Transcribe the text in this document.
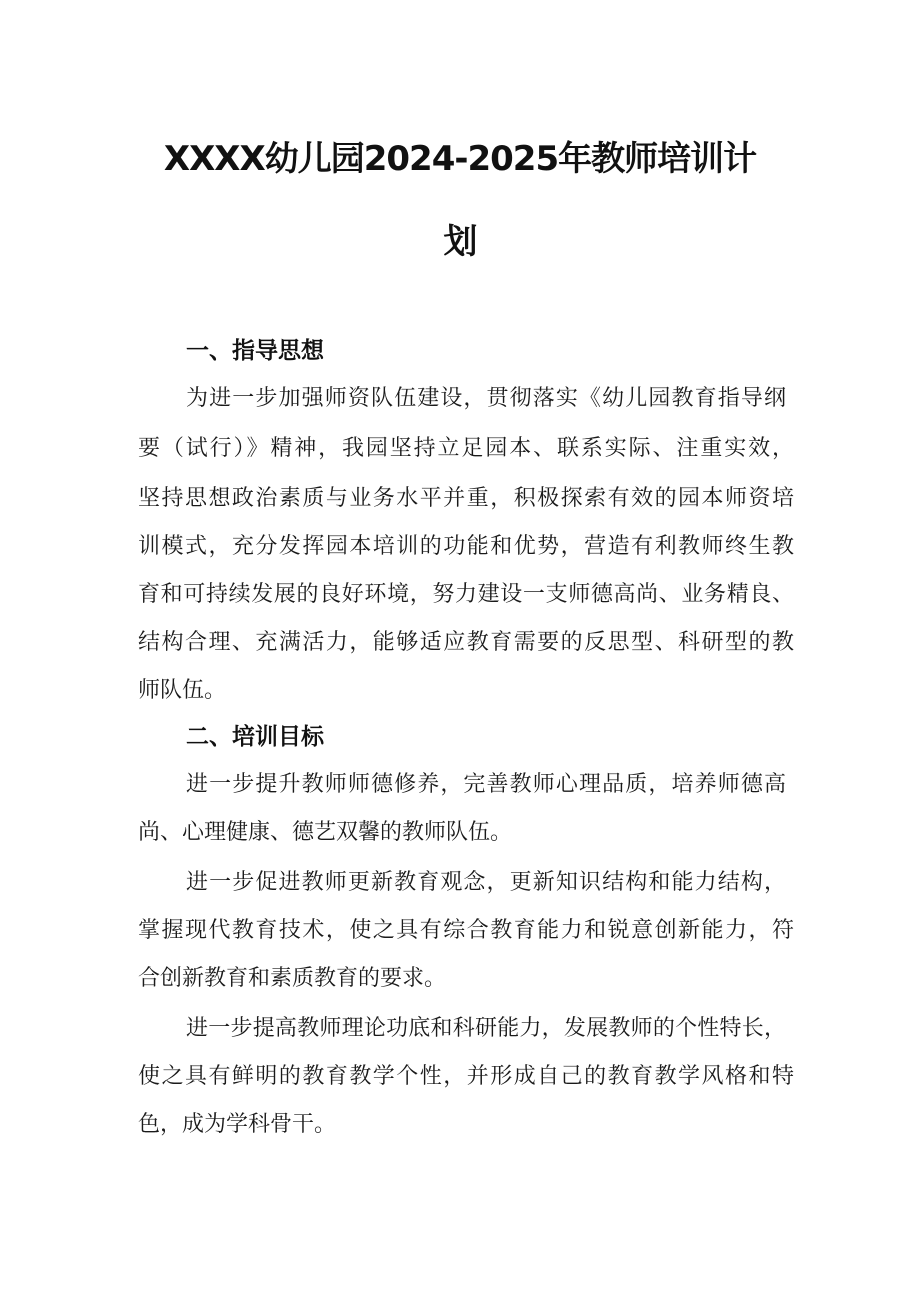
XXXX幼儿园2024-2025年教师培训计
划
一、指导思想
为进一步加强师资队伍建设，贯彻落实《幼儿园教育指导纲
要（试行）》精神，我园坚持立足园本、联系实际、注重实效，
坚持思想政治素质与业务水平并重，积极探索有效的园本师资培
训模式，充分发挥园本培训的功能和优势，营造有利教师终生教
育和可持续发展的良好环境，努力建设一支师德高尚、业务精良、
结构合理、充满活力，能够适应教育需要的反思型、科研型的教
师队伍。
二、培训目标
进一步提升教师师德修养，完善教师心理品质，培养师德高
尚、心理健康、德艺双馨的教师队伍。
进一步促进教师更新教育观念，更新知识结构和能力结构，
掌握现代教育技术，使之具有综合教育能力和锐意创新能力，符
合创新教育和素质教育的要求。
进一步提高教师理论功底和科研能力，发展教师的个性特长，
使之具有鲜明的教育教学个性，并形成自己的教育教学风格和特
色，成为学科骨干。
